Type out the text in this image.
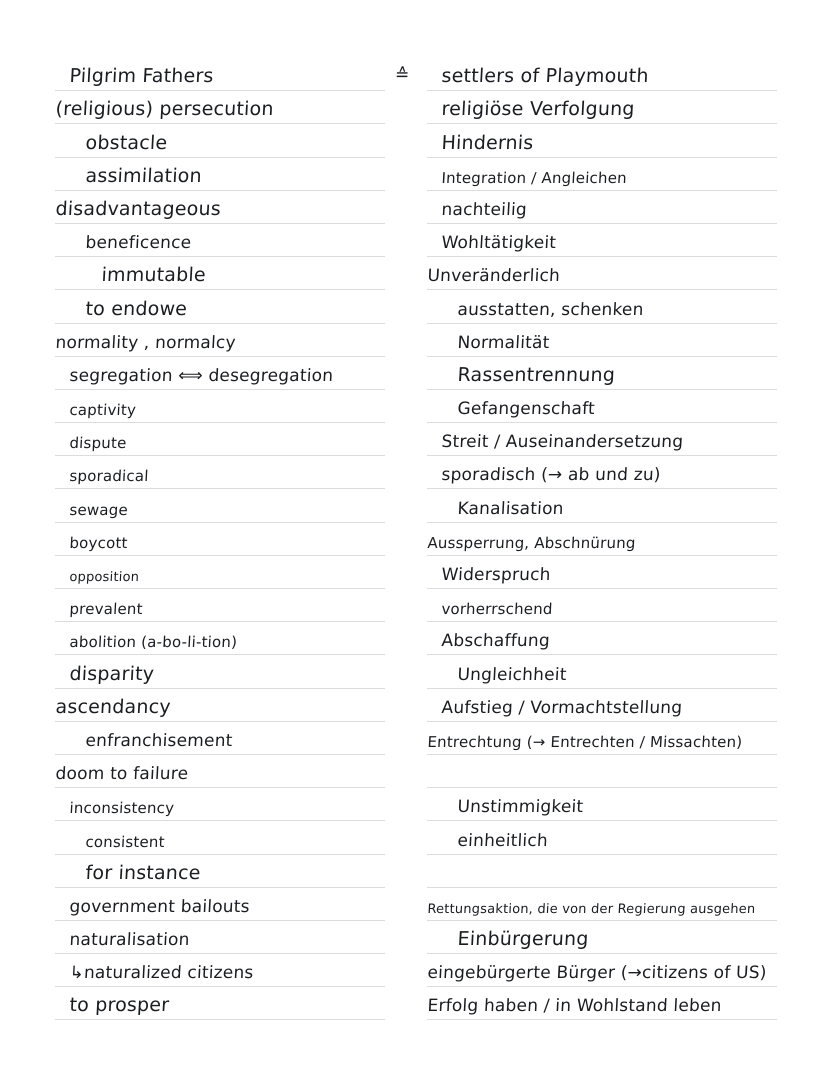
≙
Pilgrim Fathers	settlers of Playmouth
(religious) persecution	religiöse Verfolgung
obstacle	Hindernis
assimilation	Integration / Angleichen
disadvantageous	nachteilig
beneficence	Wohltätigkeit
immutable	Unveränderlich
to endowe	ausstatten, schenken
normality , normalcy	Normalität
segregation ⟺ desegregation	Rassentrennung
captivity	Gefangenschaft
dispute	Streit / Auseinandersetzung
sporadical	sporadisch (→ ab und zu)
sewage	Kanalisation
boycott	Aussperrung, Abschnürung
opposition	Widerspruch
prevalent	vorherrschend
abolition (a-bo-li-tion)	Abschaffung
disparity	Ungleichheit
ascendancy	Aufstieg / Vormachtstellung
enfranchisement	Entrechtung (→ Entrechten / Missachten)
doom to failure
inconsistency	Unstimmigkeit
consistent	einheitlich
for instance
government bailouts	Rettungsaktion, die von der Regierung ausgehen
naturalisation	Einbürgerung
↳naturalized citizens	eingebürgerte Bürger (→citizens of US)
to prosper	Erfolg haben / in Wohlstand leben
